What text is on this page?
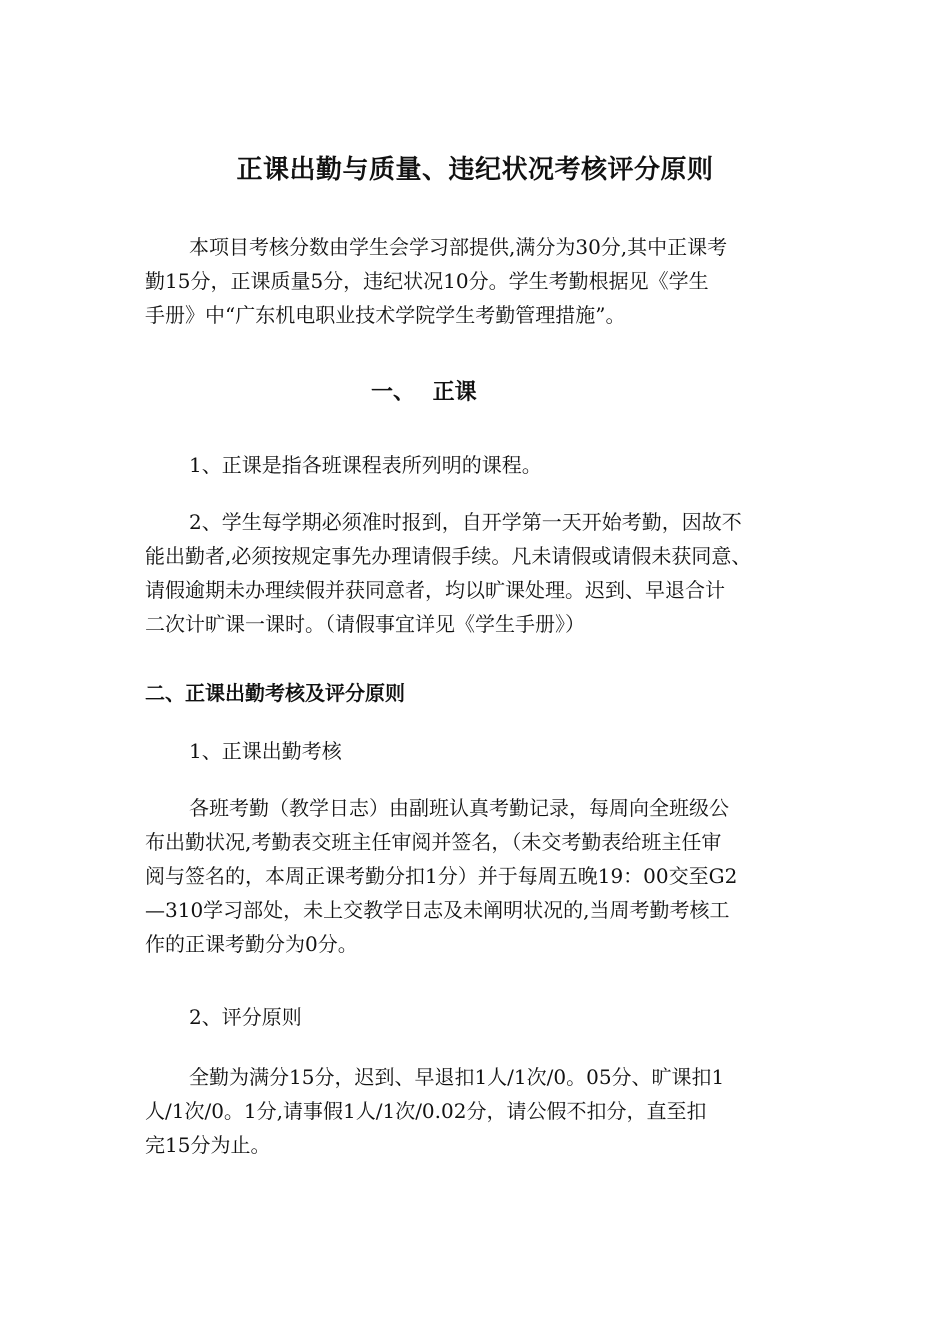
正课出勤与质量、违纪状况考核评分原则

本项目考核分数由学生会学习部提供,满分为30分,其中正课考
勤15分，正课质量5分，违纪状况10分。学生考勤根据见《学生
手册》中“广东机电职业技术学院学生考勤管理措施”。

一、 正课

1、正课是指各班课程表所列明的课程。

2、学生每学期必须准时报到，自开学第一天开始考勤，因故不
能出勤者,必须按规定事先办理请假手续。凡未请假或请假未获同意、
请假逾期未办理续假并获同意者，均以旷课处理。迟到、早退合计
二次计旷课一课时。（请假事宜详见《学生手册》）

二、正课出勤考核及评分原则

1、正课出勤考核

各班考勤（教学日志）由副班认真考勤记录，每周向全班级公
布出勤状况,考勤表交班主任审阅并签名，（未交考勤表给班主任审
阅与签名的，本周正课考勤分扣1分）并于每周五晚19：00交至G2
—310学习部处，未上交教学日志及未阐明状况的,当周考勤考核工
作的正课考勤分为0分。

2、评分原则

全勤为满分15分，迟到、早退扣1人/1次/0。05分、旷课扣1
人/1次/0。1分,请事假1人/1次/0.02分，请公假不扣分，直至扣
完15分为止。
